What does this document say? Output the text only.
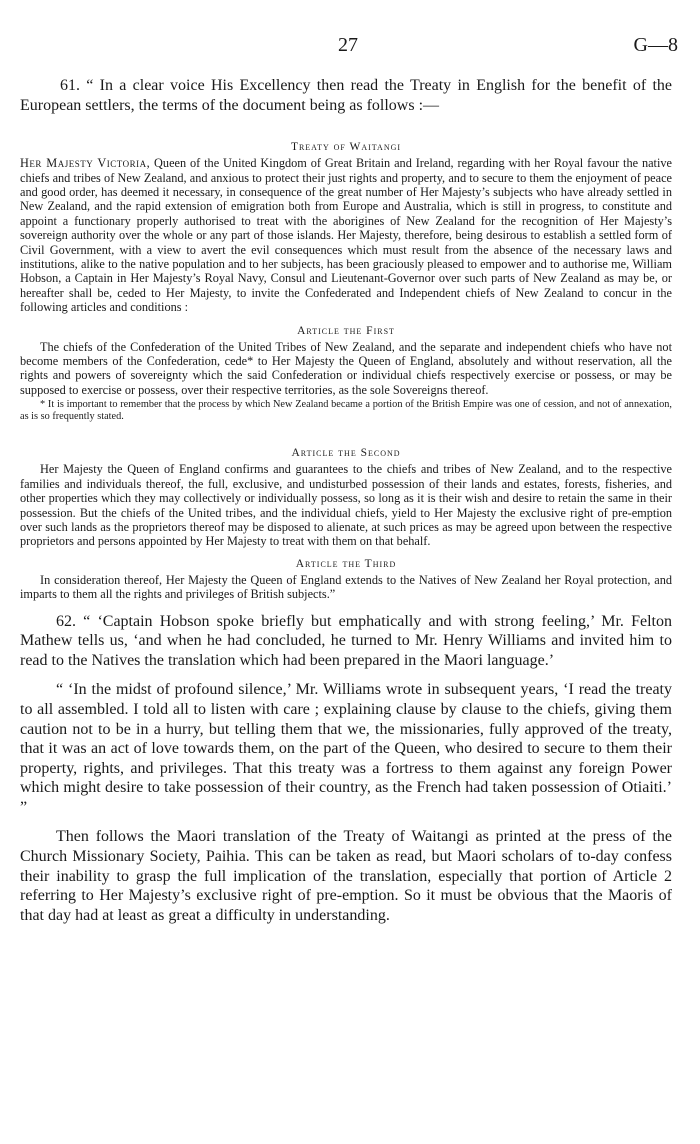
27	G—8

61. “ In a clear voice His Excellency then read the Treaty in English for the benefit of the European settlers, the terms of the document being as follows :—

Treaty of Waitangi

Her Majesty Victoria, Queen of the United Kingdom of Great Britain and Ireland, regarding with her Royal favour the native chiefs and tribes of New Zealand, and anxious to protect their just rights and property, and to secure to them the enjoyment of peace and good order, has deemed it necessary, in consequence of the great number of Her Majesty’s subjects who have already settled in New Zealand, and the rapid extension of emigration both from Europe and Australia, which is still in progress, to constitute and appoint a functionary properly authorised to treat with the aborigines of New Zealand for the recognition of Her Majesty’s sovereign authority over the whole or any part of those islands. Her Majesty, therefore, being desirous to establish a settled form of Civil Government, with a view to avert the evil consequences which must result from the absence of the necessary laws and institutions, alike to the native population and to her subjects, has been graciously pleased to empower and to authorise me, William Hobson, a Captain in Her Majesty’s Royal Navy, Consul and Lieutenant-Governor over such parts of New Zealand as may be, or hereafter shall be, ceded to Her Majesty, to invite the Confederated and Independent chiefs of New Zealand to concur in the following articles and conditions :

Article the First

The chiefs of the Confederation of the United Tribes of New Zealand, and the separate and independent chiefs who have not become members of the Confederation, cede* to Her Majesty the Queen of England, absolutely and without reservation, all the rights and powers of sovereignty which the said Confederation or individual chiefs respectively exercise or possess, or may be supposed to exercise or possess, over their respective territories, as the sole Sovereigns thereof.

* It is important to remember that the process by which New Zealand became a portion of the British Empire was one of cession, and not of annexation, as is so frequently stated.

Article the Second

Her Majesty the Queen of England confirms and guarantees to the chiefs and tribes of New Zealand, and to the respective families and individuals thereof, the full, exclusive, and undisturbed possession of their lands and estates, forests, fisheries, and other properties which they may collectively or individually possess, so long as it is their wish and desire to retain the same in their possession. But the chiefs of the United tribes, and the individual chiefs, yield to Her Majesty the exclusive right of pre-emption over such lands as the proprietors thereof may be disposed to alienate, at such prices as may be agreed upon between the respective proprietors and persons appointed by Her Majesty to treat with them on that behalf.

Article the Third

In consideration thereof, Her Majesty the Queen of England extends to the Natives of New Zealand her Royal protection, and imparts to them all the rights and privileges of British subjects.”

62. “ ‘Captain Hobson spoke briefly but emphatically and with strong feeling,’ Mr. Felton Mathew tells us, ‘and when he had concluded, he turned to Mr. Henry Williams and invited him to read to the Natives the translation which had been prepared in the Maori language.’

“ ‘In the midst of profound silence,’ Mr. Williams wrote in subsequent years, ‘I read the treaty to all assembled. I told all to listen with care ; explaining clause by clause to the chiefs, giving them caution not to be in a hurry, but telling them that we, the missionaries, fully approved of the treaty, that it was an act of love towards them, on the part of the Queen, who desired to secure to them their property, rights, and privileges. That this treaty was a fortress to them against any foreign Power which might desire to take possession of their country, as the French had taken possession of Otiaiti.’ ”

Then follows the Maori translation of the Treaty of Waitangi as printed at the press of the Church Missionary Society, Paihia. This can be taken as read, but Maori scholars of to-day confess their inability to grasp the full implication of the translation, especially that portion of Article 2 referring to Her Majesty’s exclusive right of pre-emption. So it must be obvious that the Maoris of that day had at least as great a difficulty in understanding.
